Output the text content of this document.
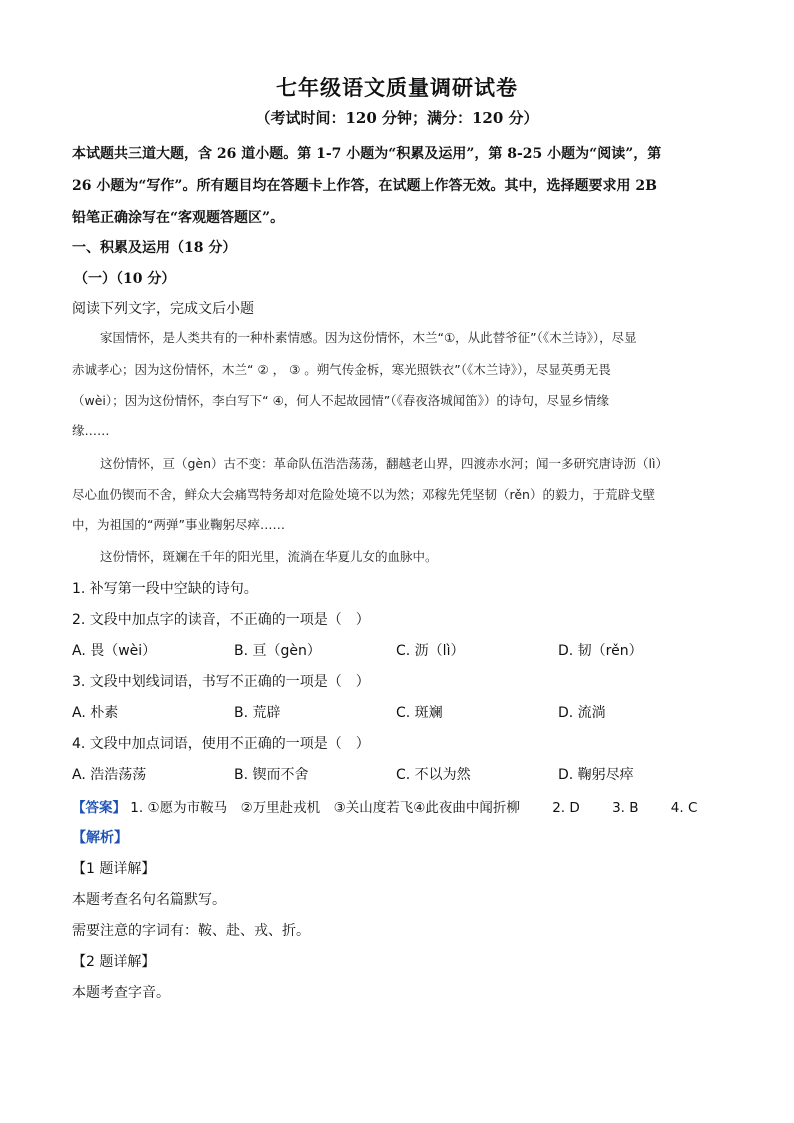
七年级语文质量调研试卷
（考试时间：120 分钟；满分：120 分）
本试题共三道大题，含 26 道小题。第 1-7 小题为“积累及运用”，第 8-25 小题为“阅读”，第
26 小题为“写作”。所有题目均在答题卡上作答，在试题上作答无效。其中，选择题要求用 2B
铅笔正确涂写在“客观题答题区”。
一、积累及运用（18 分）
（一）（10 分）
阅读下列文字，完成文后小题
家国情怀，是人类共有的一种朴素情感。因为这份情怀，木兰“①，从此替爷征”（《木兰诗》），尽显
赤诚孝心；因为这份情怀，木兰“ ② ， ③ 。朔气传金柝，寒光照铁衣”（《木兰诗》），尽显英勇无畏
（wèi）；因为这份情怀，李白写下“ ④，何人不起故园情”（《春夜洛城闻笛》）的诗句，尽显乡情缘
缘……
这份情怀，亘（gèn）古不变：革命队伍浩浩荡荡，翻越老山界，四渡赤水河；闻一多研究唐诗沥（lì）
尽心血仍锲而不舍，鲜众大会痛骂特务却对危险处境不以为然；邓稼先凭坚韧（rěn）的毅力，于荒辟戈壁
中，为祖国的“两弹”事业鞠躬尽瘁……
这份情怀，斑斓在千年的阳光里，流淌在华夏儿女的血脉中。
1. 补写第一段中空缺的诗句。
2. 文段中加点字的读音，不正确的一项是（　）
A. 畏（wèi）	B. 亘（gèn）	C. 沥（lì）	D. 韧（rěn）
3. 文段中划线词语，书写不正确的一项是（　）
A. 朴素	B. 荒辟	C. 斑斓	D. 流淌
4. 文段中加点词语，使用不正确的一项是（　）
A. 浩浩荡荡	B. 锲而不舍	C. 不以为然	D. 鞠躬尽瘁
【答案】 1. ①愿为市鞍马　②万里赴戎机　③关山度若飞④此夜曲中闻折柳 2. D 3. B 4. C
【解析】
【1 题详解】
本题考查名句名篇默写。
需要注意的字词有：鞍、赴、戎、折。
【2 题详解】
本题考查字音。
